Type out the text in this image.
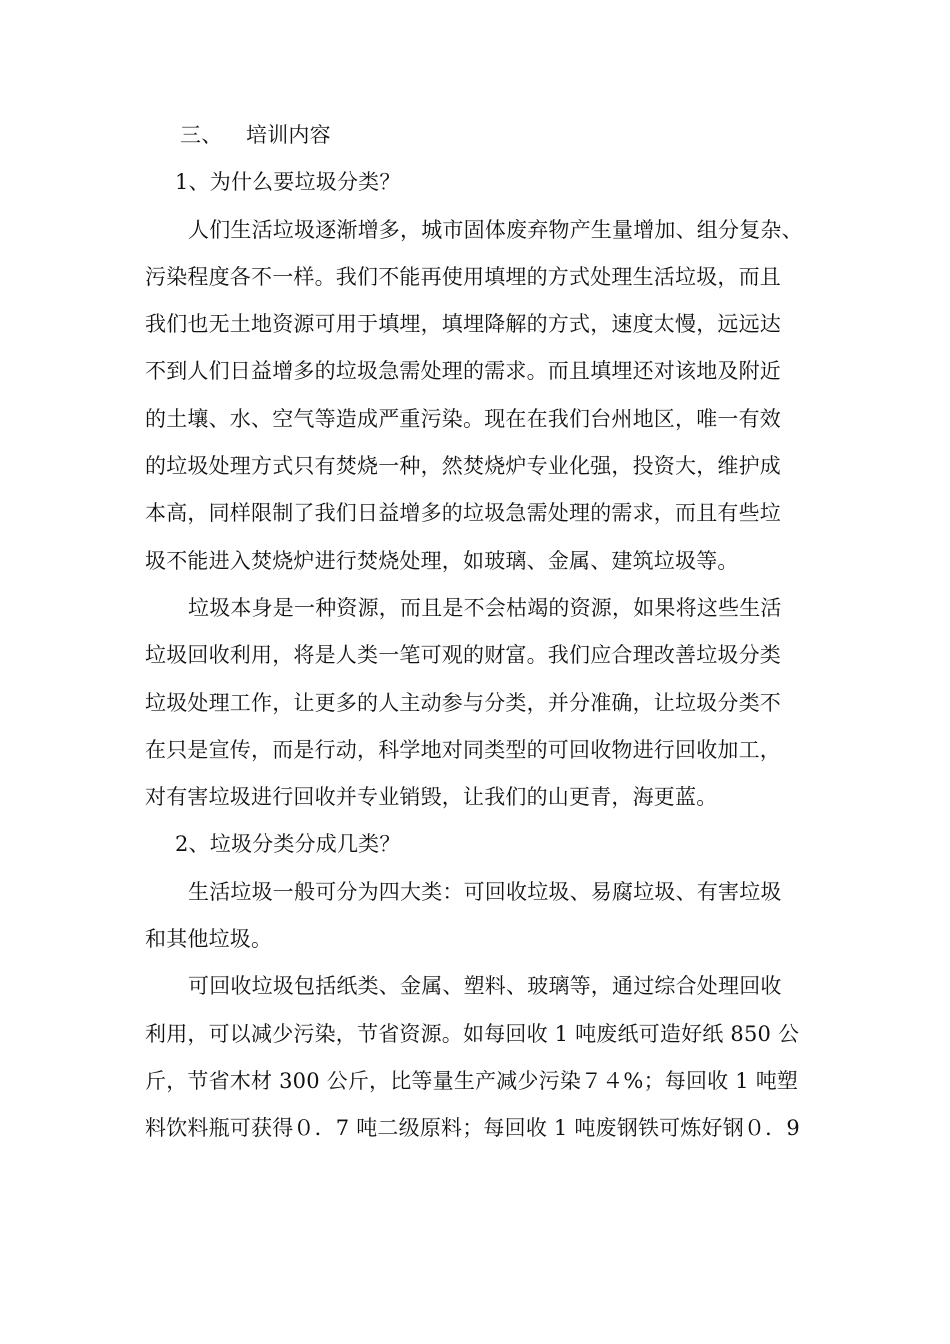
三、 培训内容
1、为什么要垃圾分类？
人们生活垃圾逐渐增多，城市固体废弃物产生量增加、组分复杂、
污染程度各不一样。我们不能再使用填埋的方式处理生活垃圾，而且
我们也无土地资源可用于填埋，填埋降解的方式，速度太慢，远远达
不到人们日益增多的垃圾急需处理的需求。而且填埋还对该地及附近
的土壤、水、空气等造成严重污染。现在在我们台州地区，唯一有效
的垃圾处理方式只有焚烧一种，然焚烧炉专业化强，投资大，维护成
本高，同样限制了我们日益增多的垃圾急需处理的需求，而且有些垃
圾不能进入焚烧炉进行焚烧处理，如玻璃、金属、建筑垃圾等。
垃圾本身是一种资源，而且是不会枯竭的资源，如果将这些生活
垃圾回收利用，将是人类一笔可观的财富。我们应合理改善垃圾分类
垃圾处理工作，让更多的人主动参与分类，并分准确，让垃圾分类不
在只是宣传，而是行动，科学地对同类型的可回收物进行回收加工，
对有害垃圾进行回收并专业销毁，让我们的山更青，海更蓝。
2、垃圾分类分成几类？
生活垃圾一般可分为四大类：可回收垃圾、易腐垃圾、有害垃圾
和其他垃圾。
可回收垃圾包括纸类、金属、塑料、玻璃等，通过综合处理回收
利用，可以减少污染，节省资源。如每回收 1 吨废纸可造好纸 850 公
斤，节省木材 300 公斤，比等量生产减少污染７４%；每回收 1 吨塑
料饮料瓶可获得０．7 吨二级原料；每回收 1 吨废钢铁可炼好钢０．9
